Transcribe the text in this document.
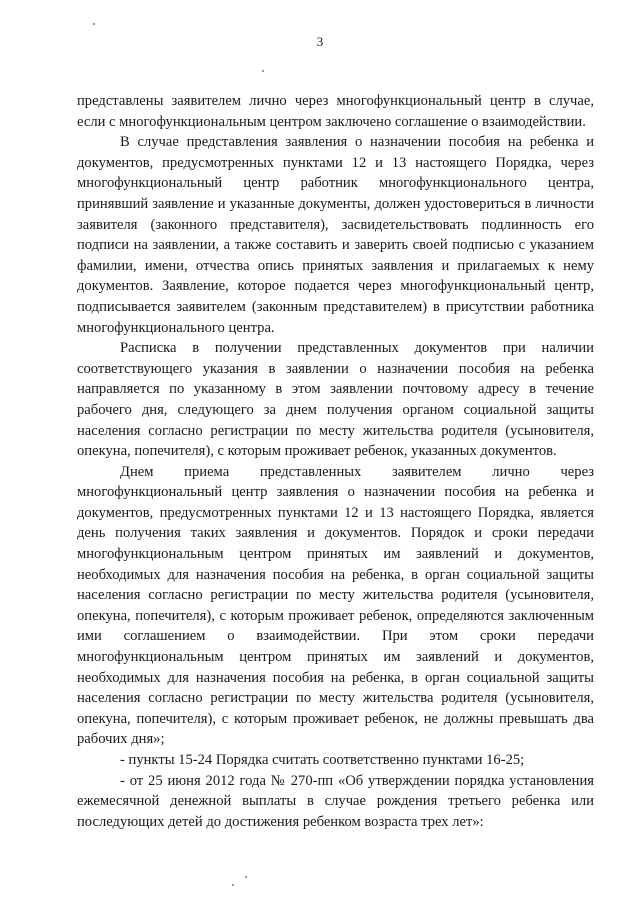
3

представлены заявителем лично через многофункциональный центр в случае, если с многофункциональным центром заключено соглашение о взаимодействии.

В случае представления заявления о назначении пособия на ребенка и документов, предусмотренных пунктами 12 и 13 настоящего Порядка, через многофункциональный центр работник многофункционального центра, принявший заявление и указанные документы, должен удостовериться в личности заявителя (законного представителя), засвидетельствовать подлинность его подписи на заявлении, а также составить и заверить своей подписью с указанием фамилии, имени, отчества опись принятых заявления и прилагаемых к нему документов. Заявление, которое подается через многофункциональный центр, подписывается заявителем (законным представителем) в присутствии работника многофункционального центра.

Расписка в получении представленных документов при наличии соответствующего указания в заявлении о назначении пособия на ребенка направляется по указанному в этом заявлении почтовому адресу в течение рабочего дня, следующего за днем получения органом социальной защиты населения согласно регистрации по месту жительства родителя (усыновителя, опекуна, попечителя), с которым проживает ребенок, указанных документов.

Днем приема представленных заявителем лично через многофункциональный центр заявления о назначении пособия на ребенка и документов, предусмотренных пунктами 12 и 13 настоящего Порядка, является день получения таких заявления и документов. Порядок и сроки передачи многофункциональным центром принятых им заявлений и документов, необходимых для назначения пособия на ребенка, в орган социальной защиты населения согласно регистрации по месту жительства родителя (усыновителя, опекуна, попечителя), с которым проживает ребенок, определяются заключенным ими соглашением о взаимодействии. При этом сроки передачи многофункциональным центром принятых им заявлений и документов, необходимых для назначения пособия на ребенка, в орган социальной защиты населения согласно регистрации по месту жительства родителя (усыновителя, опекуна, попечителя), с которым проживает ребенок, не должны превышать два рабочих дня»;

- пункты 15-24 Порядка считать соответственно пунктами 16-25;

- от 25 июня 2012 года № 270-пп «Об утверждении порядка установления ежемесячной денежной выплаты в случае рождения третьего ребенка или последующих детей до достижения ребенком возраста трех лет»:
